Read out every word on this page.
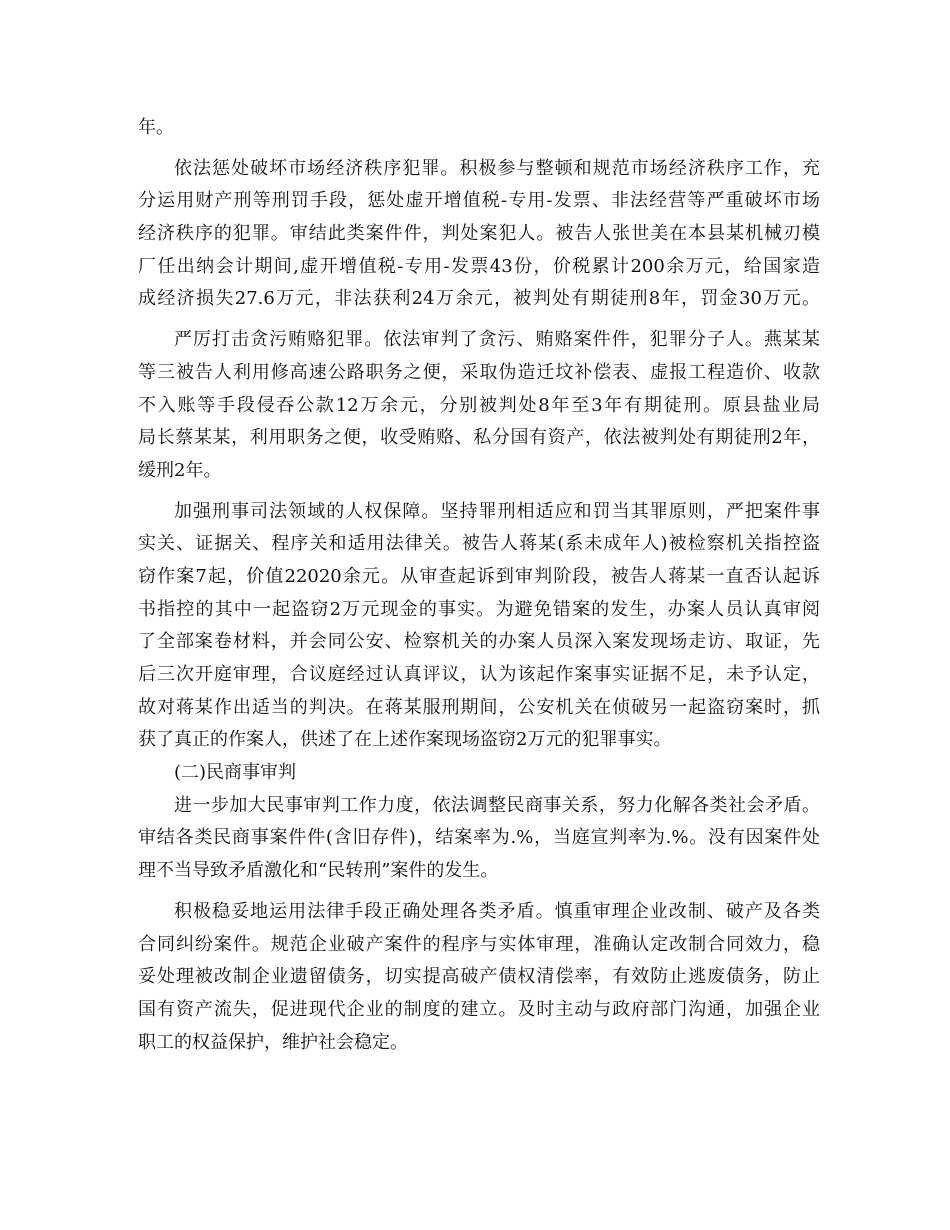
年。
依法惩处破坏市场经济秩序犯罪。积极参与整顿和规范市场经济秩序工作，充
分运用财产刑等刑罚手段，惩处虚开增值税-专用-发票、非法经营等严重破坏市场
经济秩序的犯罪。审结此类案件件，判处案犯人。被告人张世美在本县某机械刃模
厂任出纳会计期间,虚开增值税-专用-发票43份，价税累计200余万元，给国家造
成经济损失27.6万元，非法获利24万余元，被判处有期徒刑8年，罚金30万元。
严厉打击贪污贿赂犯罪。依法审判了贪污、贿赂案件件，犯罪分子人。燕某某
等三被告人利用修高速公路职务之便，采取伪造迁坟补偿表、虚报工程造价、收款
不入账等手段侵吞公款12万余元，分别被判处8年至3年有期徒刑。原县盐业局
局长蔡某某，利用职务之便，收受贿赂、私分国有资产，依法被判处有期徒刑2年，
缓刑2年。
加强刑事司法领域的人权保障。坚持罪刑相适应和罚当其罪原则，严把案件事
实关、证据关、程序关和适用法律关。被告人蒋某(系未成年人)被检察机关指控盗
窃作案7起，价值22020余元。从审查起诉到审判阶段，被告人蒋某一直否认起诉
书指控的其中一起盗窃2万元现金的事实。为避免错案的发生，办案人员认真审阅
了全部案卷材料，并会同公安、检察机关的办案人员深入案发现场走访、取证，先
后三次开庭审理，合议庭经过认真评议，认为该起作案事实证据不足，未予认定，
故对蒋某作出适当的判决。在蒋某服刑期间，公安机关在侦破另一起盗窃案时，抓
获了真正的作案人，供述了在上述作案现场盗窃2万元的犯罪事实。
(二)民商事审判
进一步加大民事审判工作力度，依法调整民商事关系，努力化解各类社会矛盾。
审结各类民商事案件件(含旧存件)，结案率为.%，当庭宣判率为.%。没有因案件处
理不当导致矛盾激化和“民转刑”案件的发生。
积极稳妥地运用法律手段正确处理各类矛盾。慎重审理企业改制、破产及各类
合同纠纷案件。规范企业破产案件的程序与实体审理，准确认定改制合同效力，稳
妥处理被改制企业遗留债务，切实提高破产债权清偿率，有效防止逃废债务，防止
国有资产流失，促进现代企业的制度的建立。及时主动与政府部门沟通，加强企业
职工的权益保护，维护社会稳定。
